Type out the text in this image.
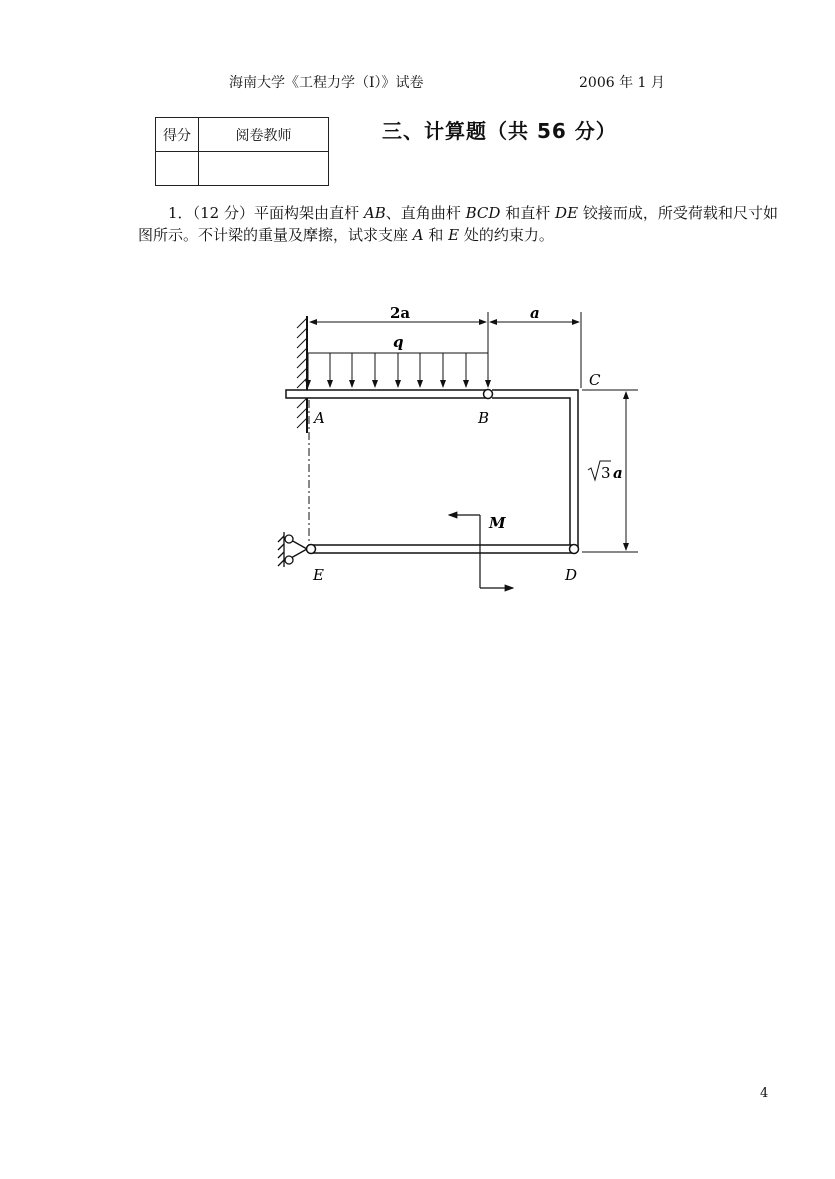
海南大学《工程力学（I）》试卷	2006 年 1 月
得分	阅卷教师
		三、计算题（共 56 分）
1．（12 分）平面构架由直杆 AB、直角曲杆 BCD 和直杆 DE 铰接而成，所受荷载和尺寸如图所示。不计梁的重量及摩擦，试求支座 A 和 E 处的约束力。
2a	a
q
A	B
C
D
E
3 a
M
4
